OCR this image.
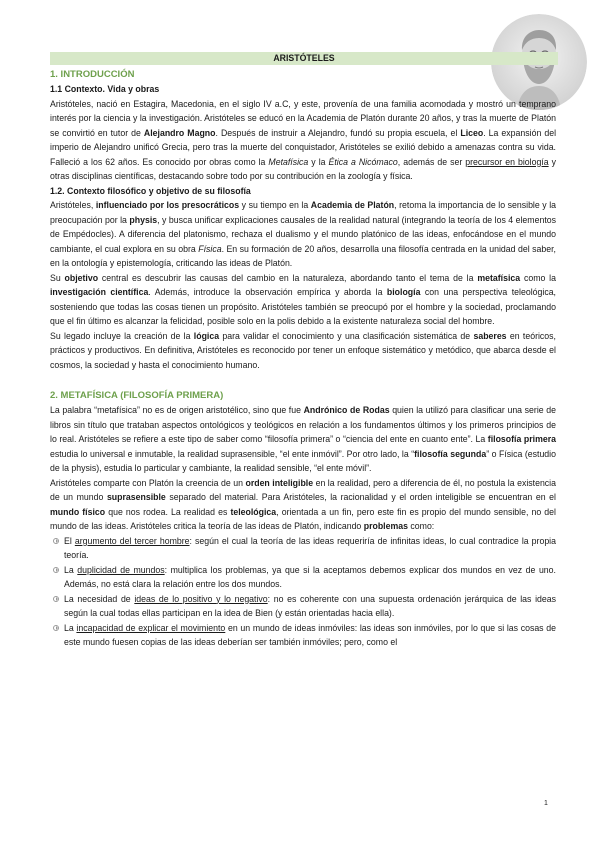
ARISTÓTELES
1. INTRODUCCIÓN
1.1 Contexto. Vida y obras

Aristóteles, nació en Estagira, Macedonia, en el siglo IV a.C, y este, provenía de una familia acomodada y mostró un temprano interés por la ciencia y la investigación. Aristóteles se educó en la Academia de Platón durante 20 años, y tras la muerte de Platón se convirtió en tutor de Alejandro Magno. Después de instruir a Alejandro, fundó su propia escuela, el Liceo. La expansión del imperio de Alejandro unificó Grecia, pero tras la muerte del conquistador, Aristóteles se exilió debido a amenazas contra su vida. Falleció a los 62 años. Es conocido por obras como la Metafísica y la Ética a Nicómaco, además de ser precursor en biología y otras disciplinas científicas, destacando sobre todo por su contribución en la zoología y física.

1.2. Contexto filosófico y objetivo de su filosofía

Aristóteles, influenciado por los presocráticos y su tiempo en la Academia de Platón, retoma la importancia de lo sensible y la preocupación por la physis, y busca unificar explicaciones causales de la realidad natural (integrando la teoría de los 4 elementos de Empédocles). A diferencia del platonismo, rechaza el dualismo y el mundo platónico de las ideas, enfocándose en el mundo cambiante, el cual explora en su obra Física. En su formación de 20 años, desarrolla una filosofía centrada en la unidad del saber, en la ontología y epistemología, criticando las ideas de Platón.

Su objetivo central es descubrir las causas del cambio en la naturaleza, abordando tanto el tema de la metafísica como la investigación científica. Además, introduce la observación empírica y aborda la biología con una perspectiva teleológica, sosteniendo que todas las cosas tienen un propósito. Aristóteles también se preocupó por el hombre y la sociedad, proclamando que el fin último es alcanzar la felicidad, posible solo en la polis debido a la existente naturaleza social del hombre.

Su legado incluye la creación de la lógica para validar el conocimiento y una clasificación sistemática de saberes en teóricos, prácticos y productivos. En definitiva, Aristóteles es reconocido por tener un enfoque sistemático y metódico, que abarca desde el cosmos, la sociedad y hasta el conocimiento humano.

2. METAFÍSICA (FILOSOFÍA PRIMERA)

La palabra “metafísica” no es de origen aristotélico, sino que fue Andrónico de Rodas quien la utilizó para clasificar una serie de libros sin título que trataban aspectos ontológicos y teológicos en relación a los fundamentos últimos y los primeros principios de lo real. Aristóteles se refiere a este tipo de saber como “filosofía primera” o “ciencia del ente en cuanto ente”. La filosofía primera estudia lo universal e inmutable, la realidad suprasensible, “el ente inmóvil”. Por otro lado, la “filosofía segunda” o Física (estudio de la physis), estudia lo particular y cambiante, la realidad sensible, “el ente móvil”.

Aristóteles comparte con Platón la creencia de un orden inteligible en la realidad, pero a diferencia de él, no postula la existencia de un mundo suprasensible separado del material. Para Aristóteles, la racionalidad y el orden inteligible se encuentran en el mundo físico que nos rodea. La realidad es teleológica, orientada a un fin, pero este fin es propio del mundo sensible, no del mundo de las ideas. Aristóteles critica la teoría de las ideas de Platón, indicando problemas como:

El argumento del tercer hombre: según el cual la teoría de las ideas requeriría de infinitas ideas, lo cual contradice la propia teoría.
La duplicidad de mundos: multiplica los problemas, ya que si la aceptamos debemos explicar dos mundos en vez de uno. Además, no está clara la relación entre los dos mundos.
La necesidad de ideas de lo positivo y lo negativo: no es coherente con una supuesta ordenación jerárquica de las ideas según la cual todas ellas participan en la idea de Bien (y están orientadas hacia ella).
La incapacidad de explicar el movimiento en un mundo de ideas inmóviles: las ideas son inmóviles, por lo que si las cosas de este mundo fuesen copias de las ideas deberían ser también inmóviles; pero, como el
1
